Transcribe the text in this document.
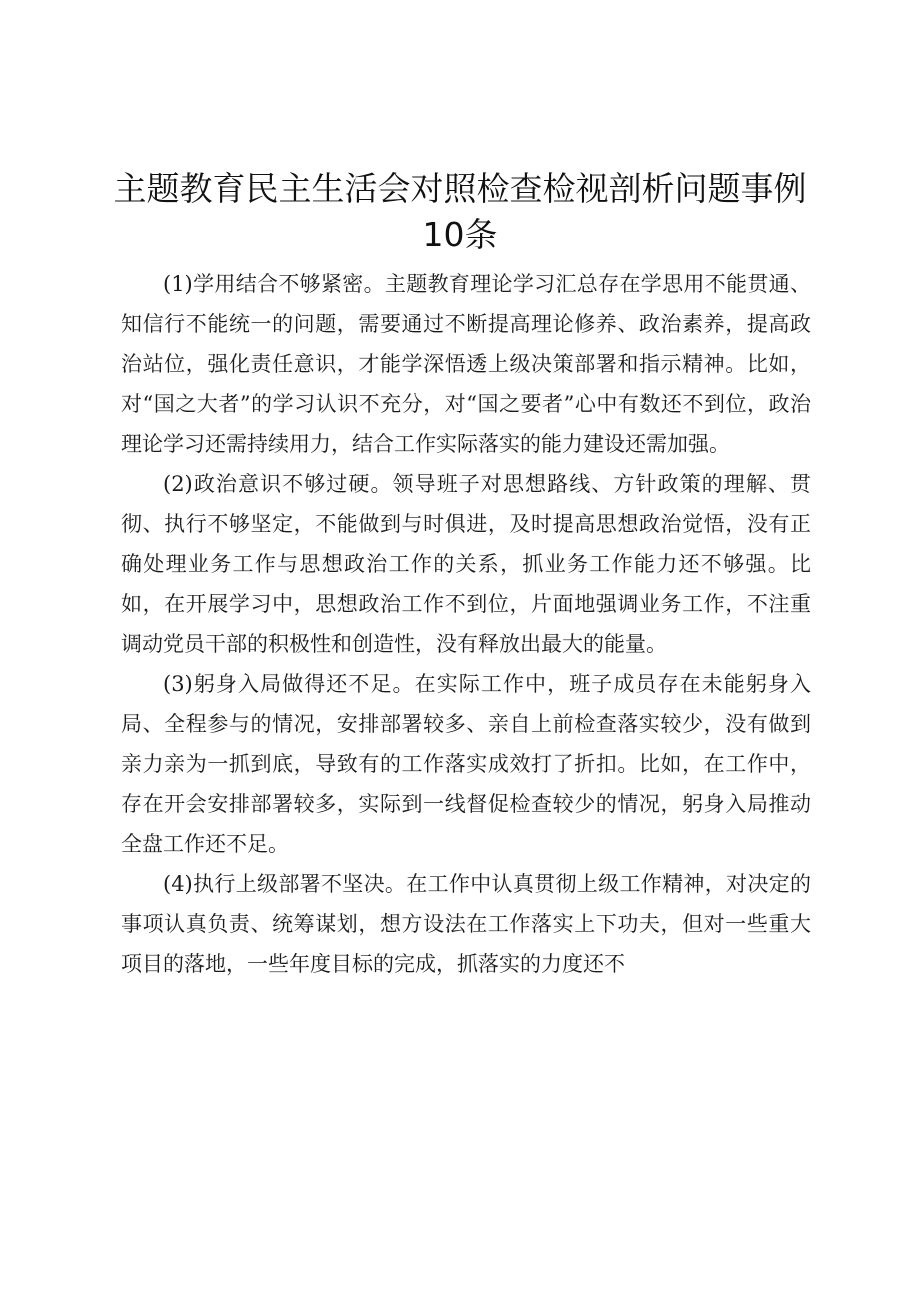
主题教育民主生活会对照检查检视剖析问题事例10条

(1)学用结合不够紧密。主题教育理论学习汇总存在学思用不能贯通、知信行不能统一的问题，需要通过不断提高理论修养、政治素养，提高政治站位，强化责任意识，才能学深悟透上级决策部署和指示精神。比如，对“国之大者”的学习认识不充分，对“国之要者”心中有数还不到位，政治理论学习还需持续用力，结合工作实际落实的能力建设还需加强。

(2)政治意识不够过硬。领导班子对思想路线、方针政策的理解、贯彻、执行不够坚定，不能做到与时俱进，及时提高思想政治觉悟，没有正确处理业务工作与思想政治工作的关系，抓业务工作能力还不够强。比如，在开展学习中，思想政治工作不到位，片面地强调业务工作，不注重调动党员干部的积极性和创造性，没有释放出最大的能量。

(3)躬身入局做得还不足。在实际工作中，班子成员存在未能躬身入局、全程参与的情况，安排部署较多、亲自上前检查落实较少，没有做到亲力亲为一抓到底，导致有的工作落实成效打了折扣。比如，在工作中，存在开会安排部署较多，实际到一线督促检查较少的情况，躬身入局推动全盘工作还不足。

(4)执行上级部署不坚决。在工作中认真贯彻上级工作精神，对决定的事项认真负责、统筹谋划，想方设法在工作落实上下功夫，但对一些重大项目的落地，一些年度目标的完成，抓落实的力度还不
